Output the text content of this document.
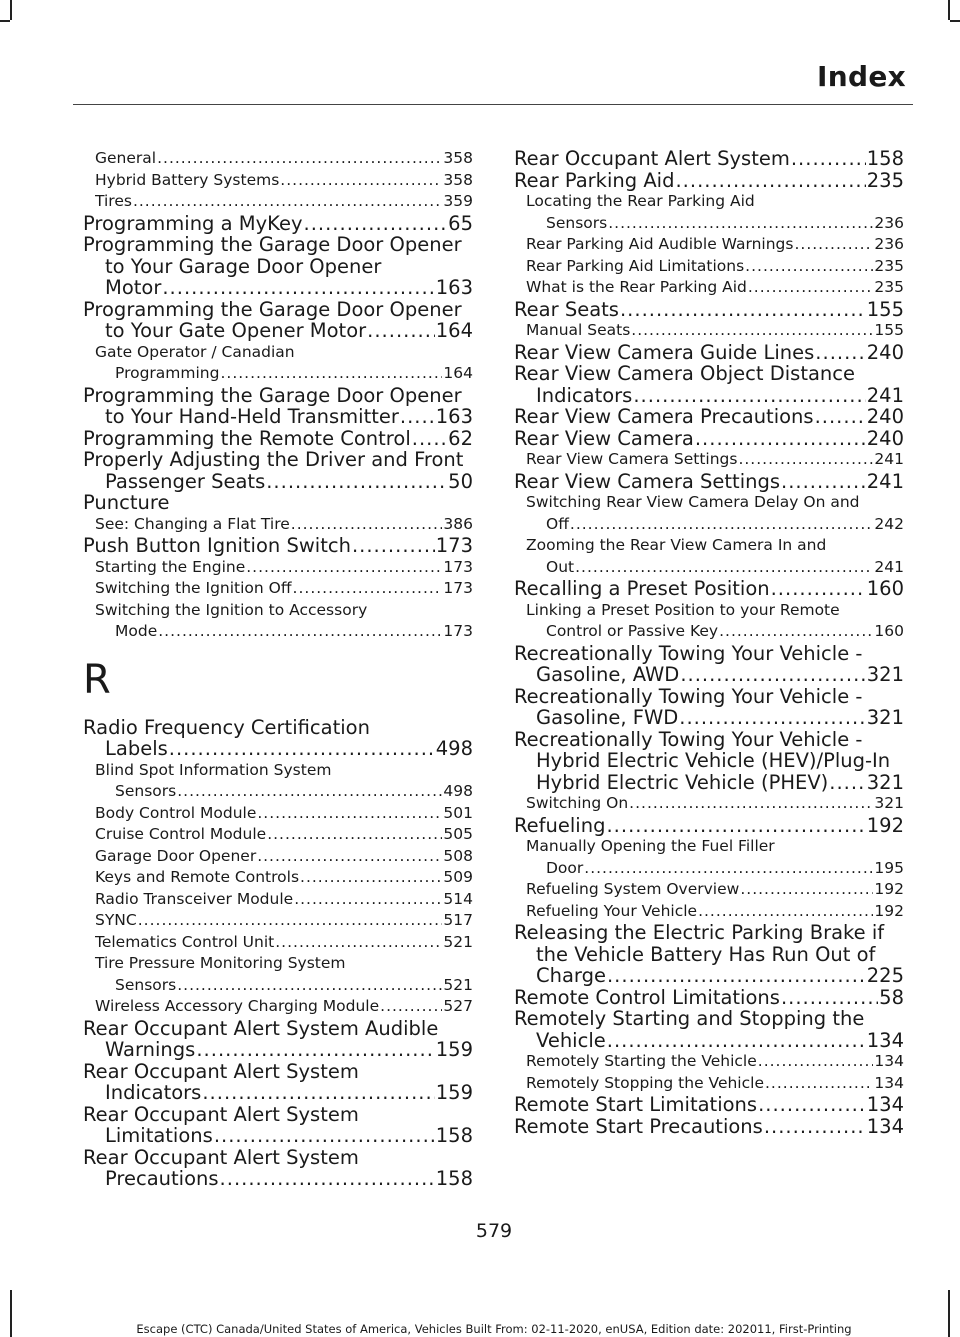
Index
General .....	358
Hybrid Battery Systems .....	358
Tires .....	359
Programming a MyKey .....	65
Programming the Garage Door Opener
to Your Garage Door Opener
Motor .....	163
Programming the Garage Door Opener
to Your Gate Opener Motor .....	164
Gate Operator / Canadian
Programming .....	164
Programming the Garage Door Opener
to Your Hand-Held Transmitter ..... 163
Programming the Remote Control ..... 62
Properly Adjusting the Driver and Front
Passenger Seats .....	50
Puncture
See: Changing a Flat Tire .....	386
Push Button Ignition Switch .....	173
Starting the Engine .....	173
Switching the Ignition Off .....	173
Switching the Ignition to Accessory
Mode .....	173
R
Radio Frequency Certification
Labels .....	498
Blind Spot Information System
Sensors .....	498
Body Control Module .....	501
Cruise Control Module .....	505
Garage Door Opener .....	508
Keys and Remote Controls .....	509
Radio Transceiver Module .....	514
SYNC .....	517
Telematics Control Unit .....	521
Tire Pressure Monitoring System
Sensors .....	521
Wireless Accessory Charging Module .....	527
Rear Occupant Alert System Audible
Warnings .....	159
Rear Occupant Alert System
Indicators .....	159
Rear Occupant Alert System
Limitations .....	158
Rear Occupant Alert System
Precautions .....	158
Rear Occupant Alert System .....	158
Rear Parking Aid .....	235
Locating the Rear Parking Aid
Sensors .....	236
Rear Parking Aid Audible Warnings .....	236
Rear Parking Aid Limitations .....	235
What is the Rear Parking Aid .....	235
Rear Seats .....	155
Manual Seats .....	155
Rear View Camera Guide Lines .....	240
Rear View Camera Object Distance
Indicators .....	241
Rear View Camera Precautions .....	240
Rear View Camera .....	240
Rear View Camera Settings .....	241
Rear View Camera Settings .....	241
Switching Rear View Camera Delay On and
Off .....	242
Zooming the Rear View Camera In and
Out .....	241
Recalling a Preset Position .....	160
Linking a Preset Position to your Remote
Control or Passive Key .....	160
Recreationally Towing Your Vehicle -
Gasoline, AWD .....	321
Recreationally Towing Your Vehicle -
Gasoline, FWD .....	321
Recreationally Towing Your Vehicle -
Hybrid Electric Vehicle (HEV)/Plug-In
Hybrid Electric Vehicle (PHEV) ..... 321
Switching On .....	321
Refueling .....	192
Manually Opening the Fuel Filler
Door .....	195
Refueling System Overview .....	192
Refueling Your Vehicle .....	192
Releasing the Electric Parking Brake if
the Vehicle Battery Has Run Out of
Charge .....	225
Remote Control Limitations .....	58
Remotely Starting and Stopping the
Vehicle .....	134
Remotely Starting the Vehicle .....	134
Remotely Stopping the Vehicle .....	134
Remote Start Limitations .....	134
Remote Start Precautions .....	134
579
Escape (CTC) Canada/United States of America, Vehicles Built From: 02-11-2020, enUSA, Edition date: 202011, First-Printing
